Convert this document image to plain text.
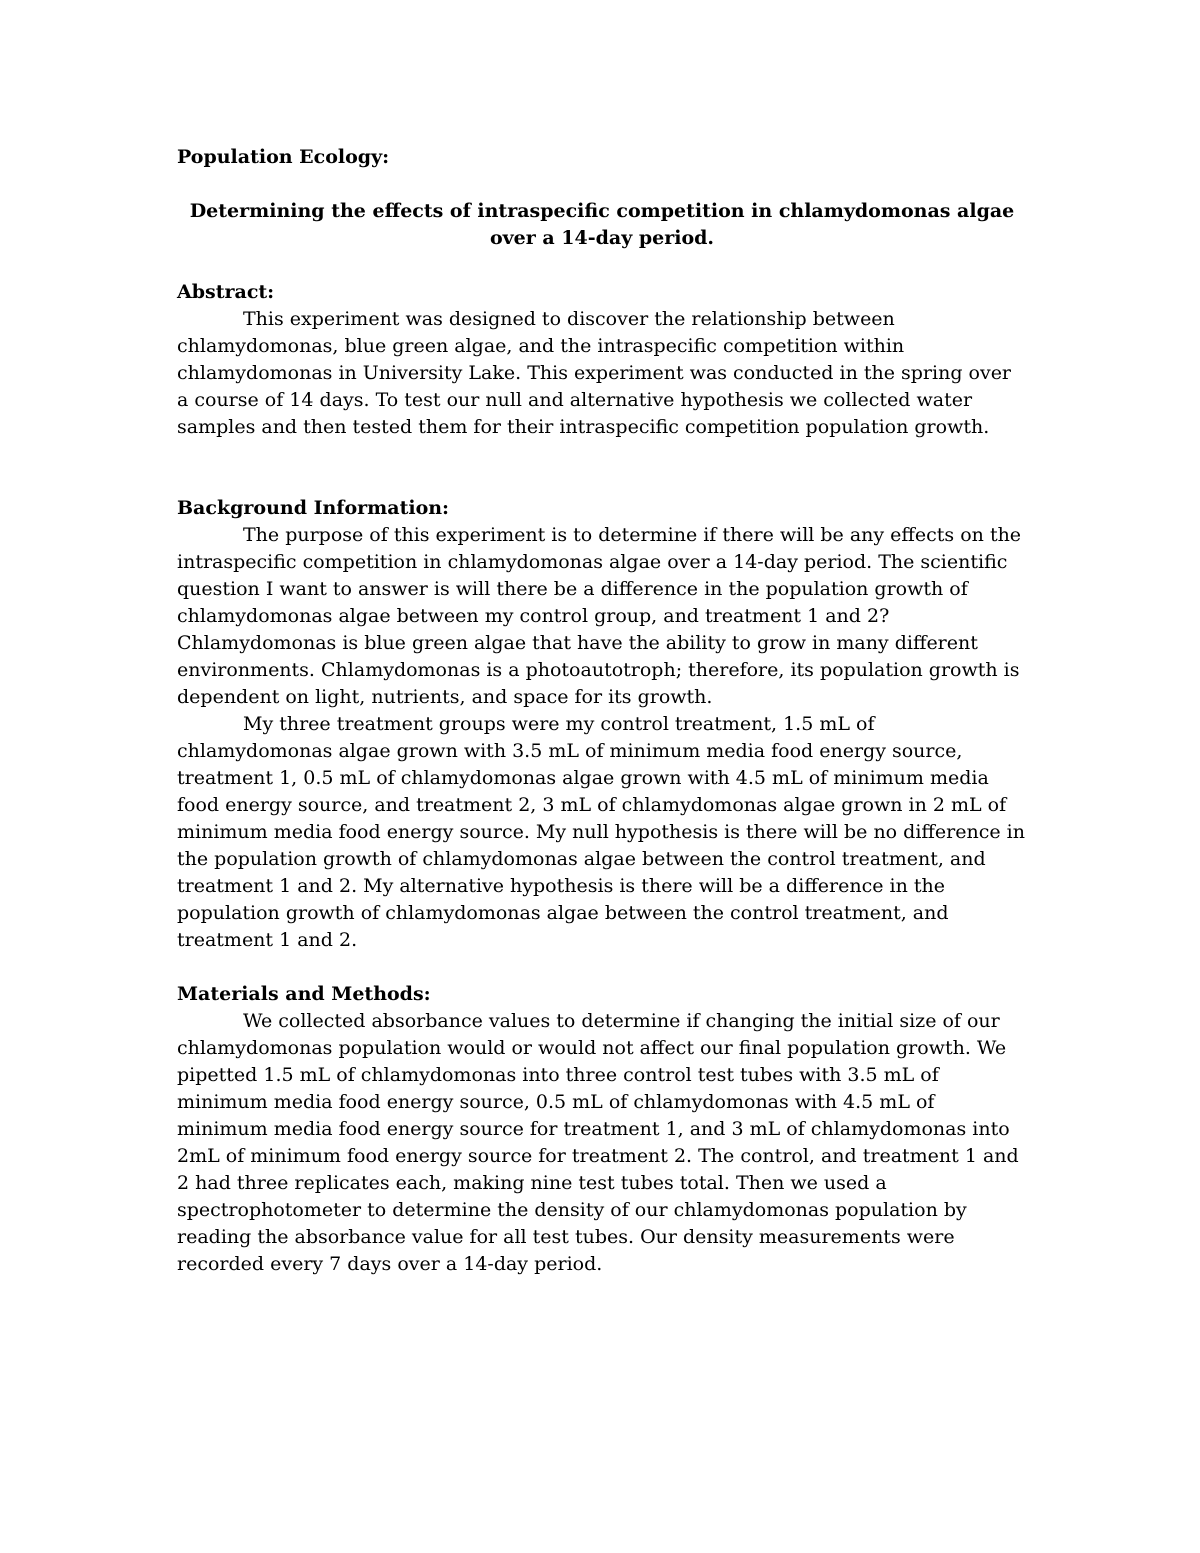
Population Ecology:

Determining the effects of intraspecific competition in chlamydomonas algae over a 14-day period.

Abstract:

This experiment was designed to discover the relationship between chlamydomonas, blue green algae, and the intraspecific competition within chlamydomonas in University Lake. This experiment was conducted in the spring over a course of 14 days. To test our null and alternative hypothesis we collected water samples and then tested them for their intraspecific competition population growth.

Background Information:

The purpose of this experiment is to determine if there will be any effects on the intraspecific competition in chlamydomonas algae over a 14-day period. The scientific question I want to answer is will there be a difference in the population growth of chlamydomonas algae between my control group, and treatment 1 and 2? Chlamydomonas is blue green algae that have the ability to grow in many different environments. Chlamydomonas is a photoautotroph; therefore, its population growth is dependent on light, nutrients, and space for its growth.

My three treatment groups were my control treatment, 1.5 mL of chlamydomonas algae grown with 3.5 mL of minimum media food energy source, treatment 1, 0.5 mL of chlamydomonas algae grown with 4.5 mL of minimum media food energy source, and treatment 2, 3 mL of chlamydomonas algae grown in 2 mL of minimum media food energy source. My null hypothesis is there will be no difference in the population growth of chlamydomonas algae between the control treatment, and treatment 1 and 2. My alternative hypothesis is there will be a difference in the population growth of chlamydomonas algae between the control treatment, and treatment 1 and 2.

Materials and Methods:

We collected absorbance values to determine if changing the initial size of our chlamydomonas population would or would not affect our final population growth. We pipetted 1.5 mL of chlamydomonas into three control test tubes with 3.5 mL of minimum media food energy source, 0.5 mL of chlamydomonas with 4.5 mL of minimum media food energy source for treatment 1, and 3 mL of chlamydomonas into 2mL of minimum food energy source for treatment 2. The control, and treatment 1 and 2 had three replicates each, making nine test tubes total. Then we used a spectrophotometer to determine the density of our chlamydomonas population by reading the absorbance value for all test tubes. Our density measurements were recorded every 7 days over a 14-day period.
